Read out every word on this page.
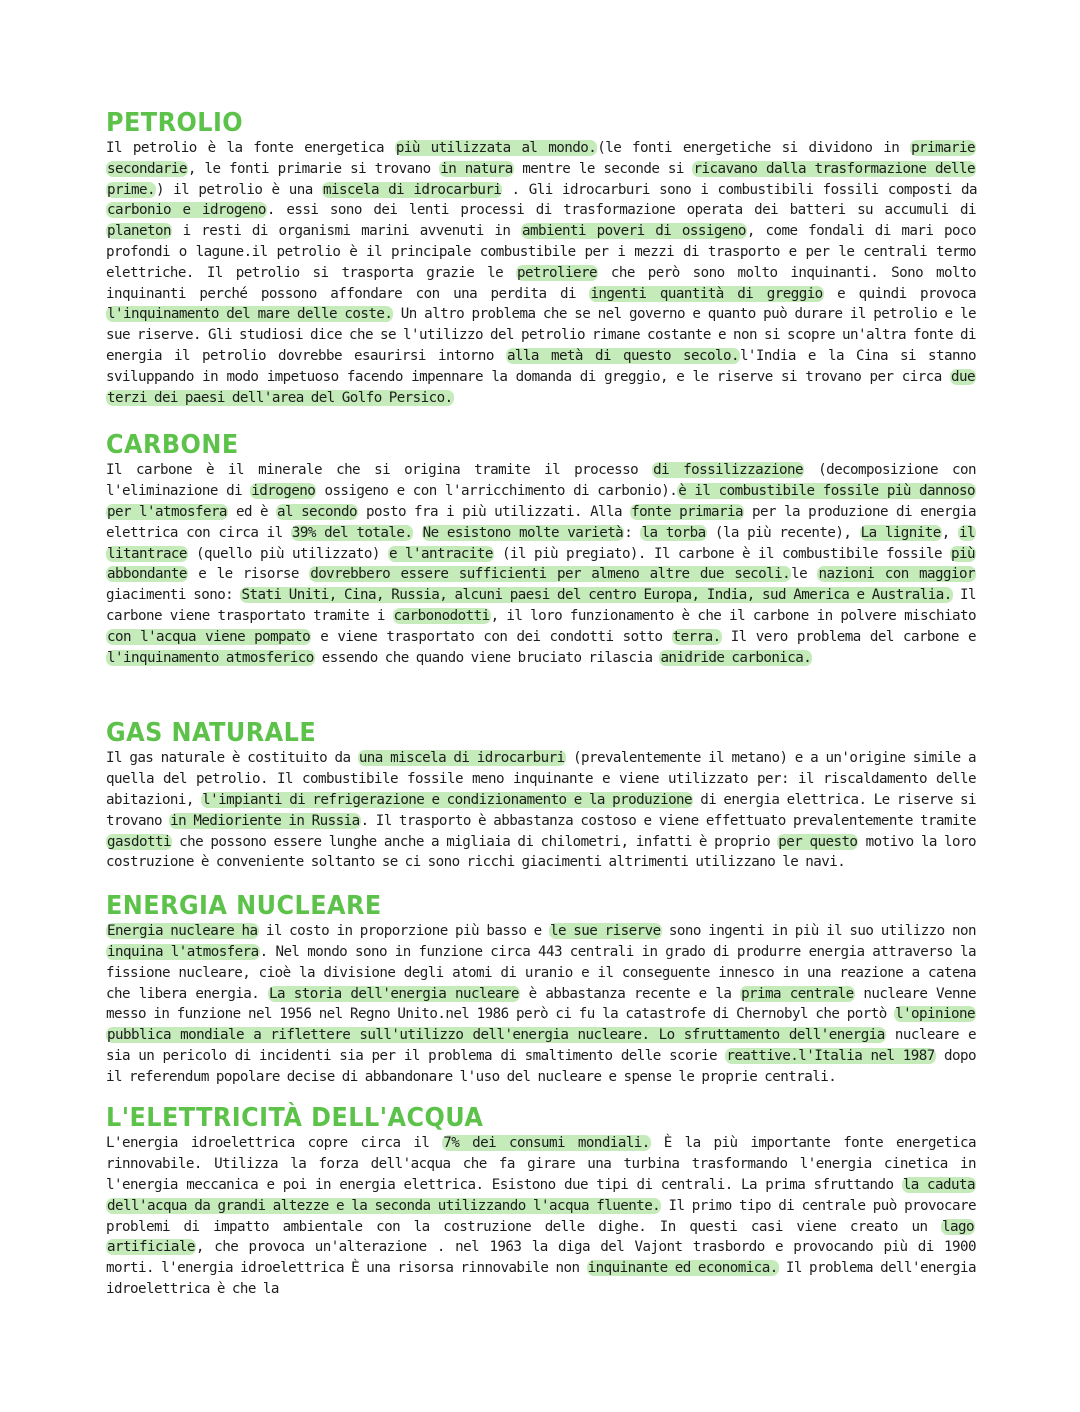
PETROLIO

Il petrolio è la fonte energetica più utilizzata al mondo.(le fonti energetiche si dividono in primarie secondarie, le fonti primarie si trovano in natura mentre le seconde si ricavano dalla trasformazione delle prime.) il petrolio è una miscela di idrocarburi . Gli idrocarburi sono i combustibili fossili composti da carbonio e idrogeno. essi sono dei lenti processi di trasformazione operata dei batteri su accumuli di planeton i resti di organismi marini avvenuti in ambienti poveri di ossigeno, come fondali di mari poco profondi o lagune.il petrolio è il principale combustibile per i mezzi di trasporto e per le centrali termo elettriche. Il petrolio si trasporta grazie le petroliere che però sono molto inquinanti. Sono molto inquinanti perché possono affondare con una perdita di ingenti quantità di greggio e quindi provoca l'inquinamento del mare delle coste. Un altro problema che se nel governo e quanto può durare il petrolio e le sue riserve. Gli studiosi dice che se l'utilizzo del petrolio rimane costante e non si scopre un'altra fonte di energia il petrolio dovrebbe esaurirsi intorno alla metà di questo secolo.l'India e la Cina si stanno sviluppando in modo impetuoso facendo impennare la domanda di greggio, e le riserve si trovano per circa due terzi dei paesi dell'area del Golfo Persico.

CARBONE

Il carbone è il minerale che si origina tramite il processo di fossilizzazione (decomposizione con l'eliminazione di idrogeno ossigeno e con l'arricchimento di carbonio).è il combustibile fossile più dannoso per l'atmosfera ed è al secondo posto fra i più utilizzati. Alla fonte primaria per la produzione di energia elettrica con circa il 39% del totale. Ne esistono molte varietà: la torba (la più recente), La lignite, il litantrace (quello più utilizzato) e l'antracite (il più pregiato). Il carbone è il combustibile fossile più abbondante e le risorse dovrebbero essere sufficienti per almeno altre due secoli.le nazioni con maggior giacimenti sono: Stati Uniti, Cina, Russia, alcuni paesi del centro Europa, India, sud America e Australia. Il carbone viene trasportato tramite i carbonodotti, il loro funzionamento è che il carbone in polvere mischiato con l'acqua viene pompato e viene trasportato con dei condotti sotto terra. Il vero problema del carbone e l'inquinamento atmosferico essendo che quando viene bruciato rilascia anidride carbonica.

GAS NATURALE

Il gas naturale è costituito da una miscela di idrocarburi (prevalentemente il metano) e a un'origine simile a quella del petrolio. Il combustibile fossile meno inquinante e viene utilizzato per: il riscaldamento delle abitazioni, l'impianti di refrigerazione e condizionamento e la produzione di energia elettrica. Le riserve si trovano in Medioriente in Russia. Il trasporto è abbastanza costoso e viene effettuato prevalentemente tramite gasdotti che possono essere lunghe anche a migliaia di chilometri, infatti è proprio per questo motivo la loro costruzione è conveniente soltanto se ci sono ricchi giacimenti altrimenti utilizzano le navi.

ENERGIA NUCLEARE

Energia nucleare ha il costo in proporzione più basso e le sue riserve sono ingenti in più il suo utilizzo non inquina l'atmosfera. Nel mondo sono in funzione circa 443 centrali in grado di produrre energia attraverso la fissione nucleare, cioè la divisione degli atomi di uranio e il conseguente innesco in una reazione a catena che libera energia. La storia dell'energia nucleare è abbastanza recente e la prima centrale nucleare Venne messo in funzione nel 1956 nel Regno Unito.nel 1986 però ci fu la catastrofe di Chernobyl che portò l'opinione pubblica mondiale a riflettere sull'utilizzo dell'energia nucleare. Lo sfruttamento dell'energia nucleare e sia un pericolo di incidenti sia per il problema di smaltimento delle scorie reattive.l'Italia nel 1987 dopo il referendum popolare decise di abbandonare l'uso del nucleare e spense le proprie centrali.

L'ELETTRICITÀ DELL'ACQUA

L'energia idroelettrica copre circa il 7% dei consumi mondiali. È la più importante fonte energetica rinnovabile. Utilizza la forza dell'acqua che fa girare una turbina trasformando l'energia cinetica in l'energia meccanica e poi in energia elettrica. Esistono due tipi di centrali. La prima sfruttando la caduta dell'acqua da grandi altezze e la seconda utilizzando l'acqua fluente. Il primo tipo di centrale può provocare problemi di impatto ambientale con la costruzione delle dighe. In questi casi viene creato un lago artificiale, che provoca un'alterazione . nel 1963 la diga del Vajont trasbordo e provocando più di 1900 morti. l'energia idroelettrica È una risorsa rinnovabile non inquinante ed economica. Il problema dell'energia idroelettrica è che la
